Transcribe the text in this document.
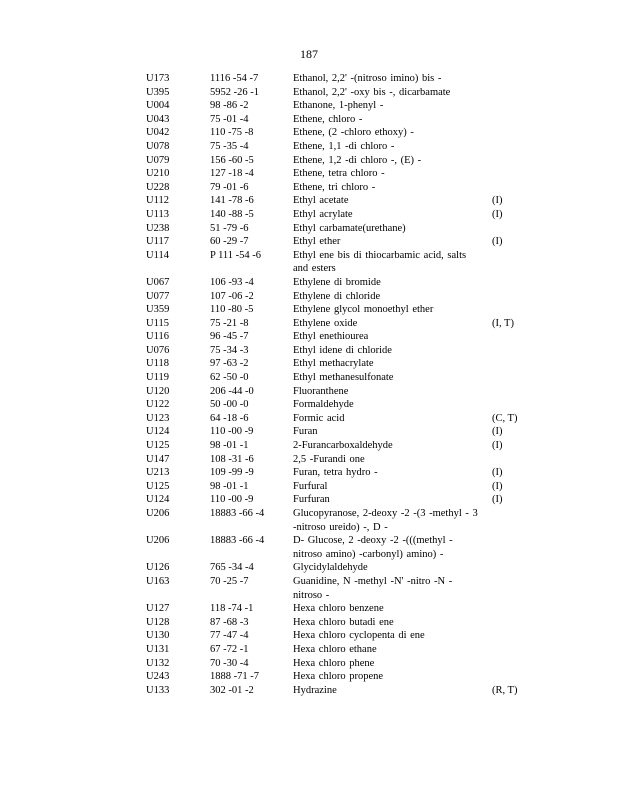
187
U173	1116 -54 -7	Ethanol, 2,2' -(nitroso imino) bis -
U395	5952 -26 -1	Ethanol, 2,2' -oxy bis -, dicarbamate
U004	98 -86 -2	Ethanone, 1-phenyl -
U043	75 -01 -4	Ethene, chloro -
U042	110 -75 -8	Ethene, (2 -chloro ethoxy) -
U078	75 -35 -4	Ethene, 1,1 -di chloro -
U079	156 -60 -5	Ethene, 1,2 -di chloro -, (E) -
U210	127 -18 -4	Ethene, tetra chloro -
U228	79 -01 -6	Ethene, tri chloro -
U112	141 -78 -6	Ethyl acetate	(I)
U113	140 -88 -5	Ethyl acrylate	(I)
U238	51 -79 -6	Ethyl carbamate(urethane)
U117	60 -29 -7	Ethyl ether	(I)
U114	P 111 -54 -6	Ethyl ene bis di thiocarbamic acid, salts and esters
U067	106 -93 -4	Ethylene di bromide
U077	107 -06 -2	Ethylene di chloride
U359	110 -80 -5	Ethylene glycol monoethyl ether
U115	75 -21 -8	Ethylene oxide	(I, T)
U116	96 -45 -7	Ethyl enethiourea
U076	75 -34 -3	Ethyl idene di chloride
U118	97 -63 -2	Ethyl methacrylate
U119	62 -50 -0	Ethyl methanesulfonate
U120	206 -44 -0	Fluoranthene
U122	50 -00 -0	Formaldehyde
U123	64 -18 -6	Formic acid	(C, T)
U124	110 -00 -9	Furan	(I)
U125	98 -01 -1	2-Furancarboxaldehyde	(I)
U147	108 -31 -6	2,5 -Furandi one
U213	109 -99 -9	Furan, tetra hydro -	(I)
U125	98 -01 -1	Furfural	(I)
U124	110 -00 -9	Furfuran	(I)
U206	18883 -66 -4	Glucopyranose, 2-deoxy -2 -(3 -methyl - 3 -nitroso ureido) -, D -
U206	18883 -66 -4	D- Glucose, 2 -deoxy -2 -(((methyl - nitroso amino) -carbonyl) amino) -
U126	765 -34 -4	Glycidylaldehyde
U163	70 -25 -7	Guanidine, N -methyl -N' -nitro -N - nitroso -
U127	118 -74 -1	Hexa chloro benzene
U128	87 -68 -3	Hexa chloro butadi ene
U130	77 -47 -4	Hexa chloro cyclopenta di ene
U131	67 -72 -1	Hexa chloro ethane
U132	70 -30 -4	Hexa chloro phene
U243	1888 -71 -7	Hexa chloro propene
U133	302 -01 -2	Hydrazine	(R, T)
